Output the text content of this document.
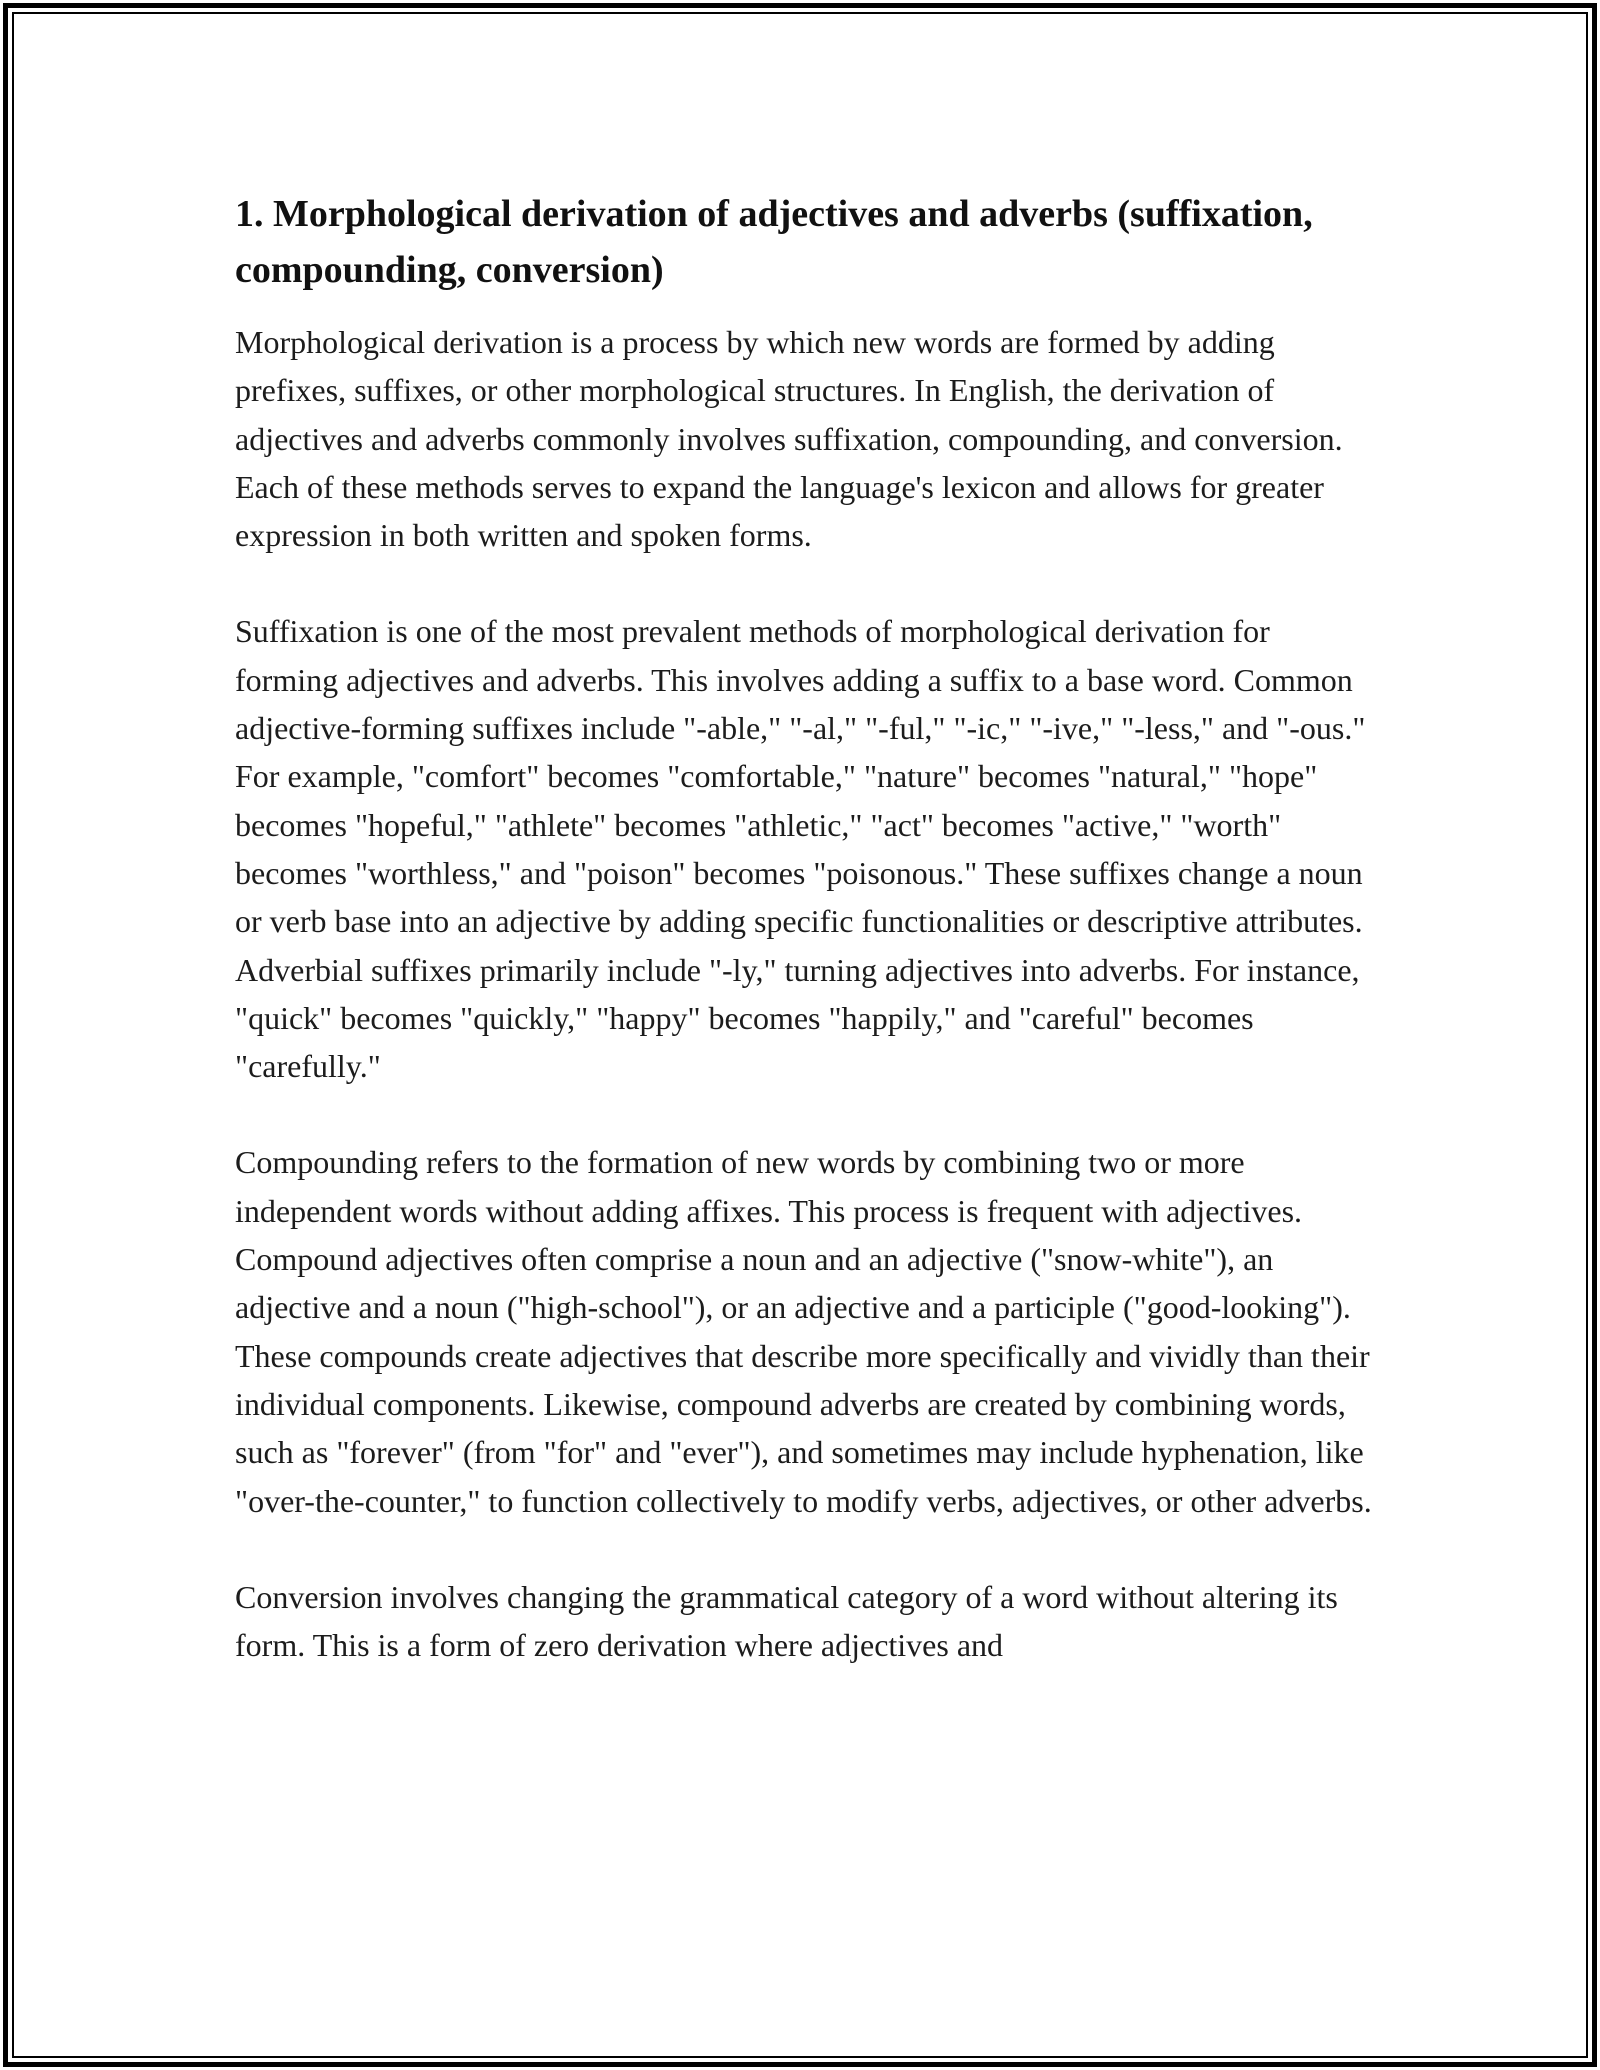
1. Morphological derivation of adjectives and adverbs (suffixation, compounding, conversion)

Morphological derivation is a process by which new words are formed by adding prefixes, suffixes, or other morphological structures. In English, the derivation of adjectives and adverbs commonly involves suffixation, compounding, and conversion. Each of these methods serves to expand the language's lexicon and allows for greater expression in both written and spoken forms.

Suffixation is one of the most prevalent methods of morphological derivation for forming adjectives and adverbs. This involves adding a suffix to a base word. Common adjective-forming suffixes include "-able," "-al," "-ful," "-ic," "-ive," "-less," and "-ous." For example, "comfort" becomes "comfortable," "nature" becomes "natural," "hope" becomes "hopeful," "athlete" becomes "athletic," "act" becomes "active," "worth" becomes "worthless," and "poison" becomes "poisonous." These suffixes change a noun or verb base into an adjective by adding specific functionalities or descriptive attributes. Adverbial suffixes primarily include "-ly," turning adjectives into adverbs. For instance, "quick" becomes "quickly," "happy" becomes "happily," and "careful" becomes "carefully."

Compounding refers to the formation of new words by combining two or more independent words without adding affixes. This process is frequent with adjectives. Compound adjectives often comprise a noun and an adjective ("snow-white"), an adjective and a noun ("high-school"), or an adjective and a participle ("good-looking"). These compounds create adjectives that describe more specifically and vividly than their individual components. Likewise, compound adverbs are created by combining words, such as "forever" (from "for" and "ever"), and sometimes may include hyphenation, like "over-the-counter," to function collectively to modify verbs, adjectives, or other adverbs.

Conversion involves changing the grammatical category of a word without altering its form. This is a form of zero derivation where adjectives and
